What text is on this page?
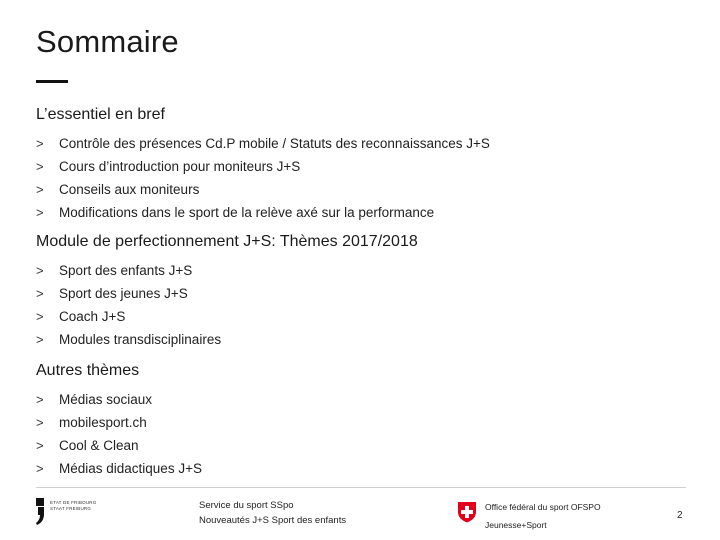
Sommaire
L’essentiel en bref
>	Contrôle des présences Cd.P mobile / Statuts des reconnaissances J+S
>	Cours d’introduction pour moniteurs J+S
>	Conseils aux moniteurs
>	Modifications dans le sport de la relève axé sur la performance
Module de perfectionnement J+S: Thèmes 2017/2018
>	Sport des enfants J+S
>	Sport des jeunes J+S
>	Coach J+S
>	Modules transdisciplinaires
Autres thèmes
>	Médias sociaux
>	mobilesport.ch
>	Cool & Clean
>	Médias didactiques J+S
ETAT DE FRIBOURG
STAAT FREIBURG	Service du sport SSpo
Nouveautés J+S Sport des enfants
Office fédéral du sport OFSPO
Jeunesse+Sport
2
